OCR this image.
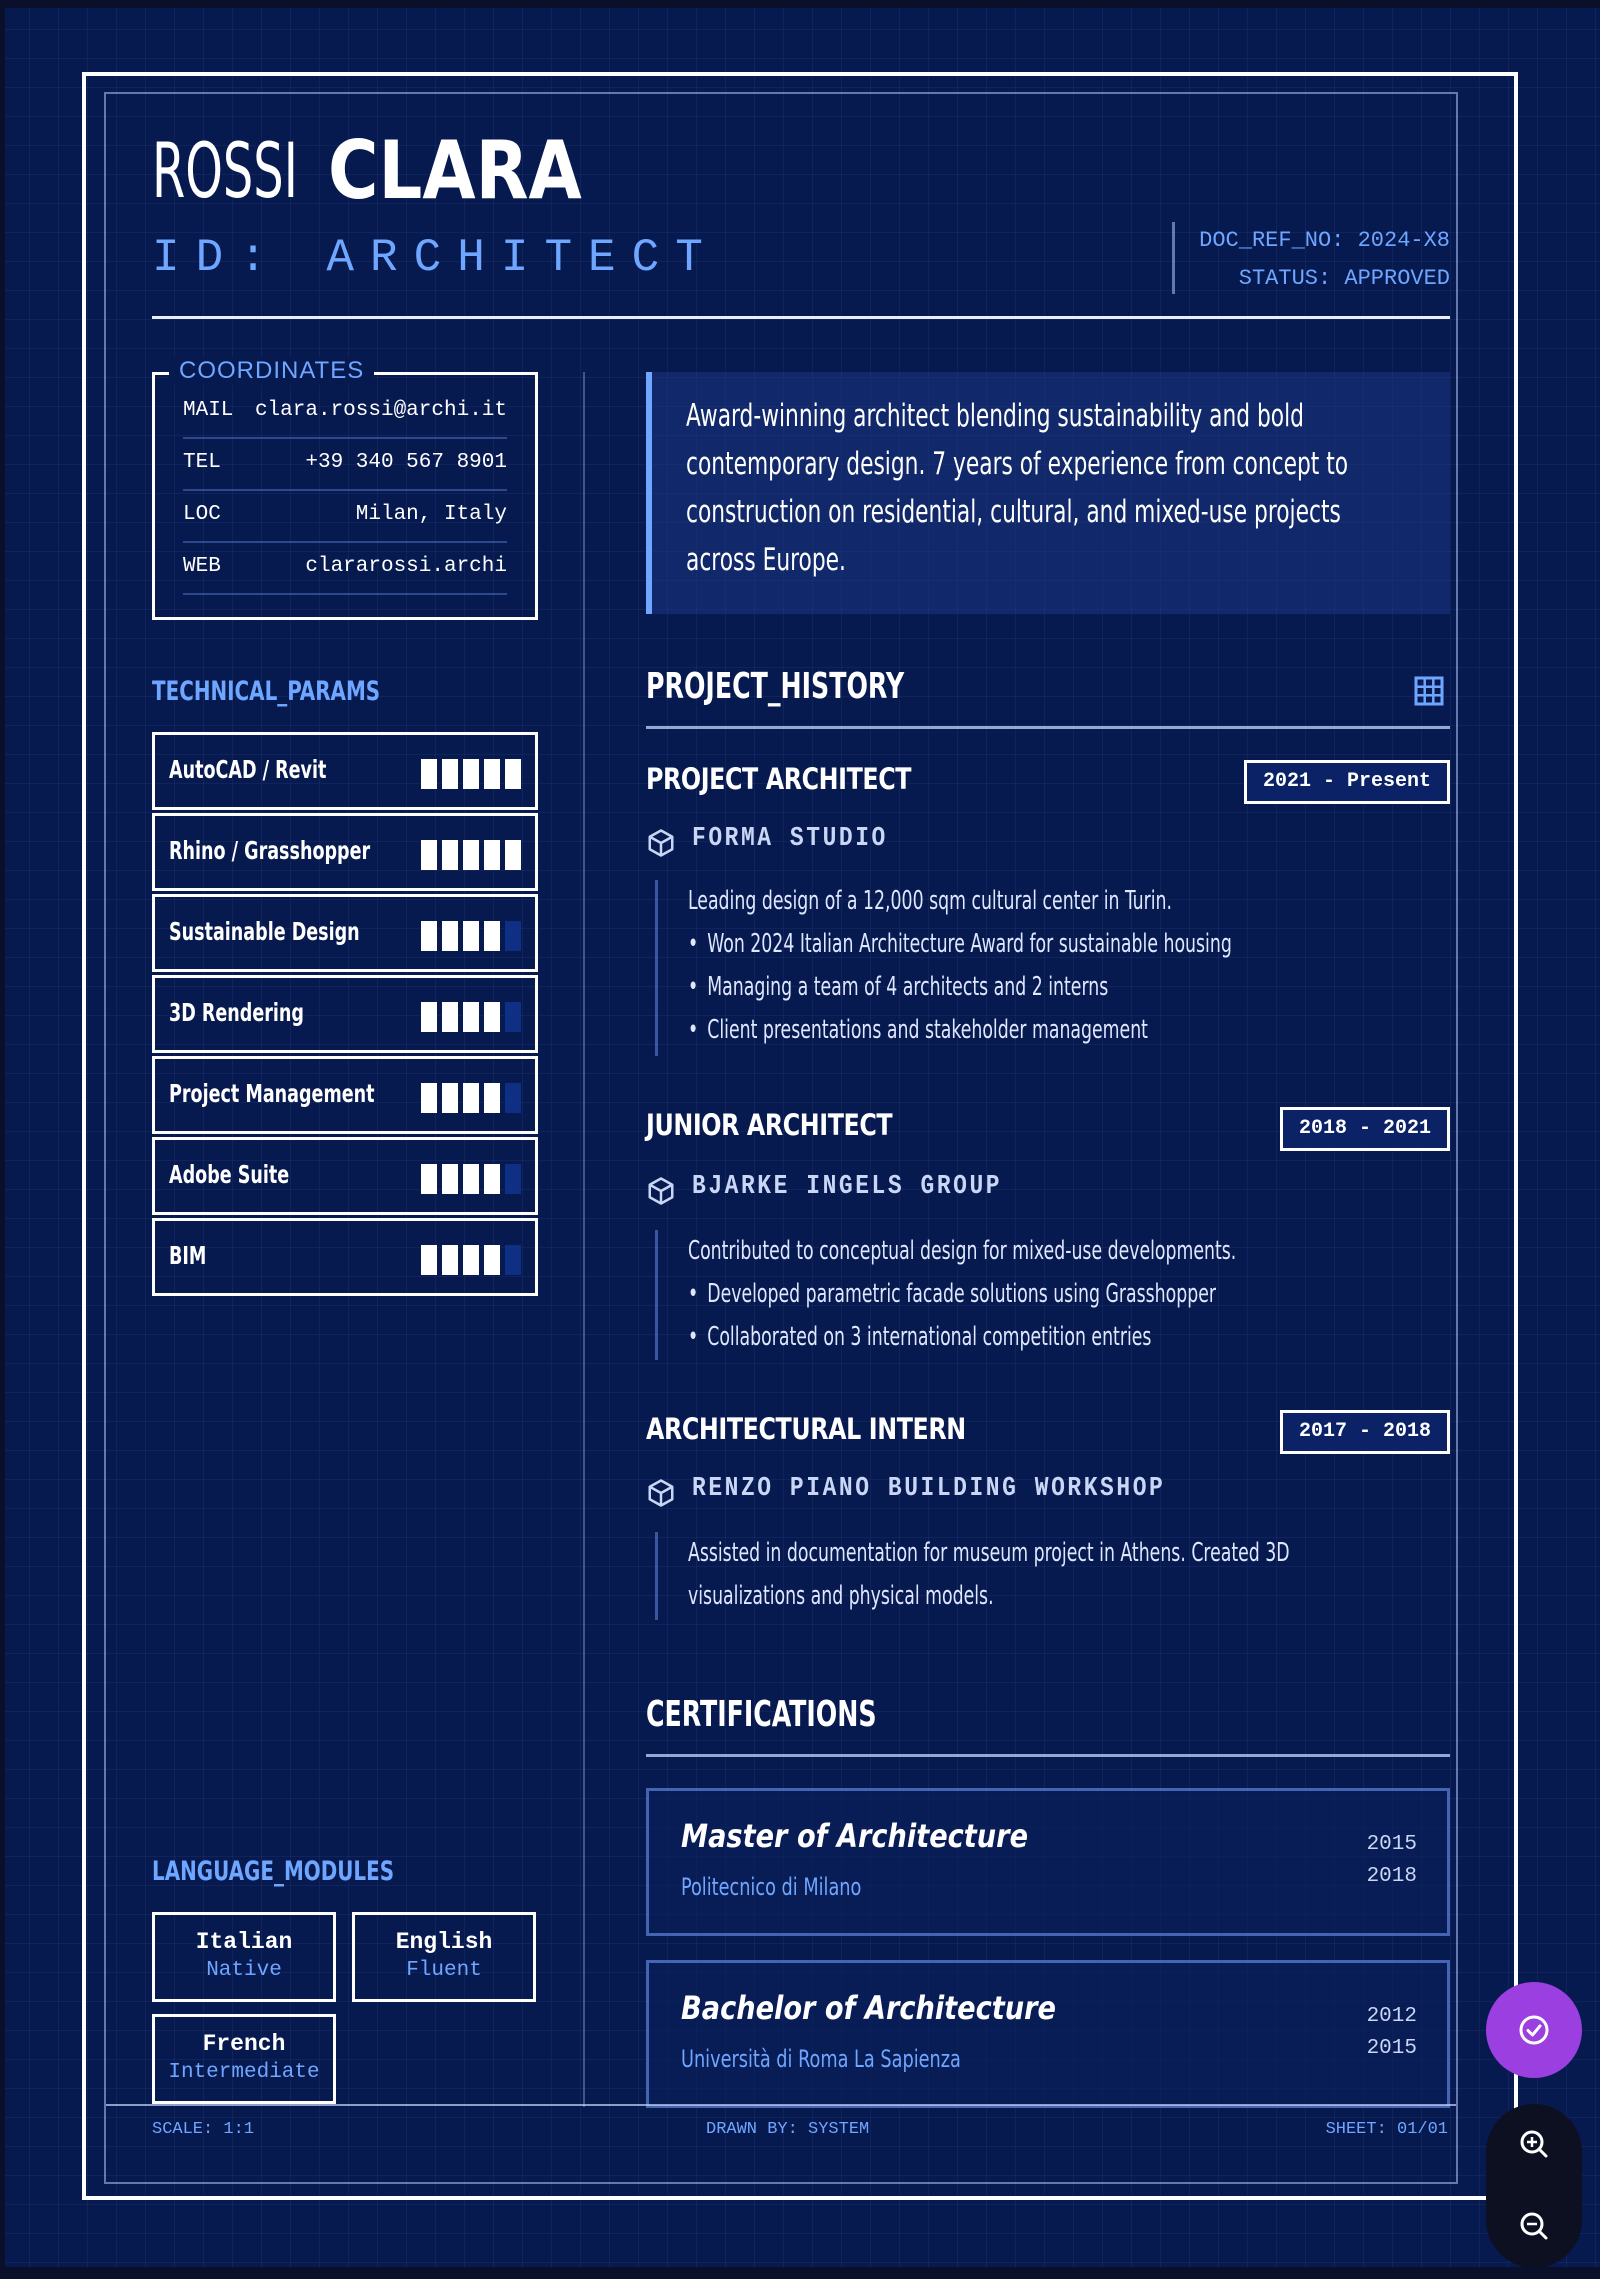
ROSSI CLARA
ID: ARCHITECT	DOC_REF_NO: 2024-X8
STATUS: APPROVED
COORDINATES
MAIL clara.rossi@archi.it
TEL	+39 340 567 8901
LOC	Milan, Italy
WEB	clararossi.archi
TECHNICAL_PARAMS
AutoCAD / Revit
Rhino / Grasshopper
Sustainable Design
3D Rendering
Project Management
Adobe Suite
BIM
LANGUAGE_MODULES
Italian
Native
English
Fluent
French
Intermediate

Award-winning architect blending sustainability and bold contemporary design. 7 years of experience from concept to construction on residential, cultural, and mixed-use projects across Europe.

PROJECT_HISTORY
PROJECT ARCHITECT	2021 - Present
FORMA STUDIO
Leading design of a 12,000 sqm cultural center in Turin.
• Won 2024 Italian Architecture Award for sustainable housing
• Managing a team of 4 architects and 2 interns
• Client presentations and stakeholder management
JUNIOR ARCHITECT	2018 - 2021
BJARKE INGELS GROUP
Contributed to conceptual design for mixed-use developments.
• Developed parametric facade solutions using Grasshopper
• Collaborated on 3 international competition entries
ARCHITECTURAL INTERN	2017 - 2018
RENZO PIANO BUILDING WORKSHOP
Assisted in documentation for museum project in Athens. Created 3D visualizations and physical models.
CERTIFICATIONS
Master of Architecture
Politecnico di Milano
2015
2018
Bachelor of Architecture
Università di Roma La Sapienza
2012
2015
SCALE: 1:1	DRAWN BY: SYSTEM	SHEET: 01/01
